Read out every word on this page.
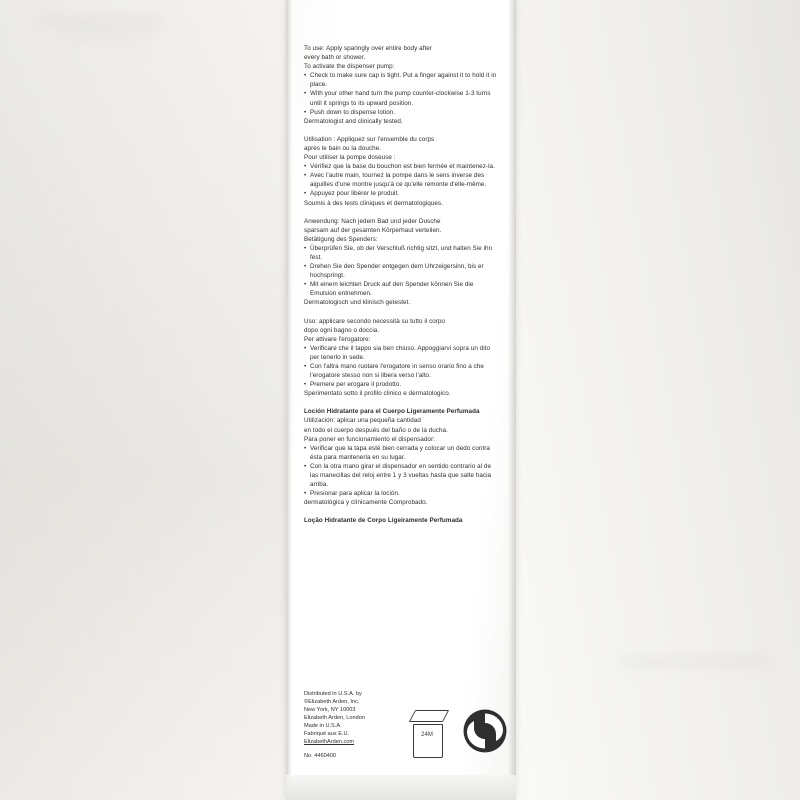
To use: Apply sparingly over entire body after

every bath or shower.

To activate the dispenser pump:

• Check to make sure cap is tight. Put a finger against it to hold it in place.
• With your other hand turn the pump counter-clockwise 1-3 turns until it springs to its upward position.
• Push down to dispense lotion.

Dermatologist and clinically tested.

Utilisation : Appliquez sur l'ensemble du corps

après le bain ou la douche.

Pour utiliser la pompe doseuse :

• Vérifiez que la base du bouchon est bien fermée et maintenez-la.
• Avec l'autre main, tournez la pompe dans le sens inverse des aiguilles d'une montre jusqu'à ce qu'elle remonte d'elle-même.
• Appuyez pour libérer le produit.

Soumis à des tests cliniques et dermatologiques.

Anwendung: Nach jedem Bad und jeder Dusche

sparsam auf der gesamten Körperhaut verteilen.

Betätigung des Spenders:

• Überprüfen Sie, ob der Verschluß richtig sitzt, und halten Sie ihn fest.
• Drehen Sie den Spender entgegen dem Uhrzeigersinn, bis er hochspringt.
• Mit einem leichten Druck auf den Spender können Sie die Emulsion entnehmen.

Dermatologisch und klinisch getestet.

Uso: applicare secondo necessità su tutto il corpo

dopo ogni bagno o doccia.

Per attivare l'erogatore:

• Verificare che il tappo sia ben chiuso. Appoggiarvi sopra un dito per tenerlo in sede.
• Con l'altra mano ruotare l'erogatore in senso orario fino a che l'erogatore stesso non si libera verso l'alto.
• Premere per erogare il prodotto.

Sperimentato sotto il profilo clinico e dermatologico.

Loción Hidratante para el Cuerpo Ligeramente Perfumada

Utilización: aplicar una pequeña cantidad

en todo el cuerpo después del baño o de la ducha.

Para poner en funcionamiento el dispensador:

• Verificar que la tapa esté bien cerrada y colocar un dedo contra ésta para mantenerla en su lugar.
• Con la otra mano girar el dispensador en sentido contrario al de las manecillas del reloj entre 1 y 3 vueltas hasta que salte hacia arriba.
• Presionar para aplicar la loción.

dermatológica y clínicamente Comprobado.

Loção Hidratante de Corpo Ligeiramente Perfumada

Distributed in U.S.A. by
©Elizabeth Arden, Inc.
New York, NY 10003
Elizabeth Arden, London
Made in U.S.A.
Fabriqué aux E.U.
ElizabethArden.com
No. 4460400
24M
